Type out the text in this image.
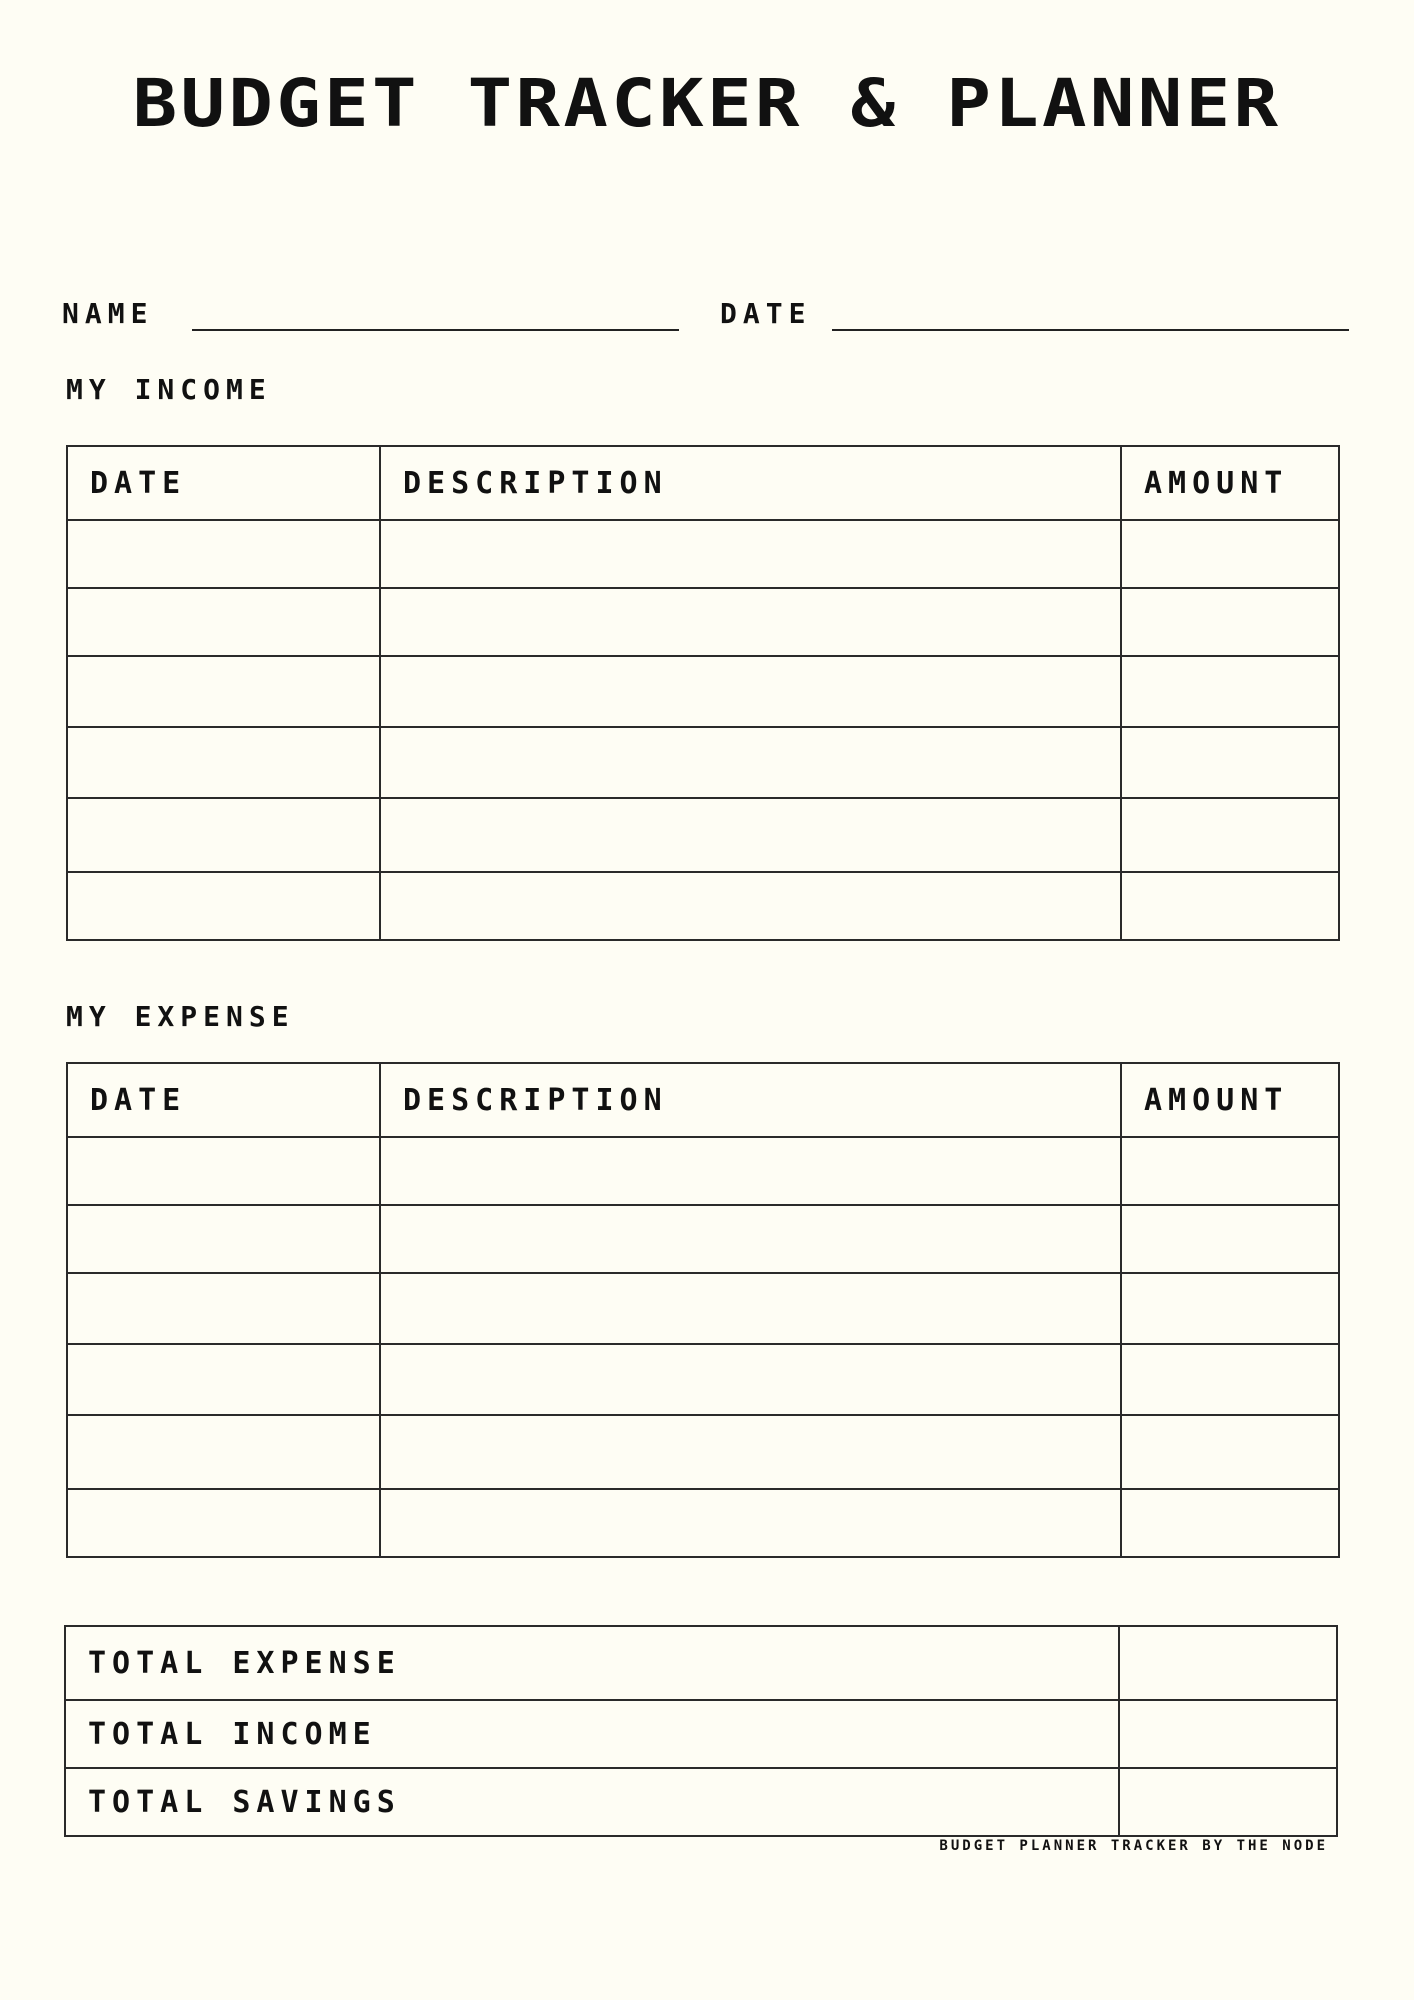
BUDGET TRACKER & PLANNER
NAME	DATE
MY INCOME
DATE	DESCRIPTION	AMOUNT

MY EXPENSE
DATE	DESCRIPTION	AMOUNT

TOTAL EXPENSE	
TOTAL INCOME	
TOTAL SAVINGS	
BUDGET PLANNER TRACKER BY THE NODE
